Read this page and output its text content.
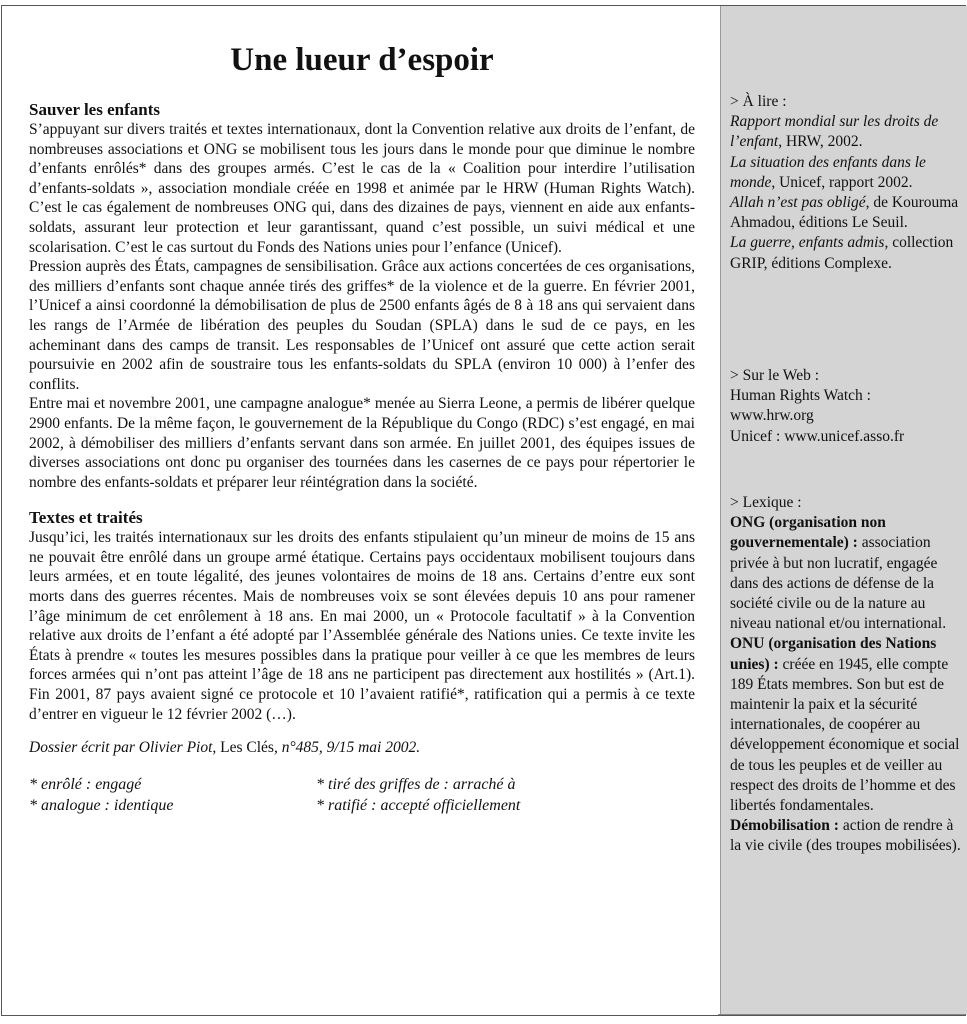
Une lueur d’espoir
Sauver les enfants

S’appuyant sur divers traités et textes internationaux, dont la Convention relative aux droits de l’enfant, de nombreuses associations et ONG se mobilisent tous les jours dans le monde pour que diminue le nombre d’enfants enrôlés* dans des groupes armés. C’est le cas de la « Coalition pour interdire l’utilisation d’enfants-soldats », association mondiale créée en 1998 et animée par le HRW (Human Rights Watch). C’est le cas également de nombreuses ONG qui, dans des dizaines de pays, viennent en aide aux enfants-soldats, assurant leur protection et leur garantissant, quand c’est possible, un suivi médical et une scolarisation. C’est le cas surtout du Fonds des Nations unies pour l’enfance (Unicef).

Pression auprès des États, campagnes de sensibilisation. Grâce aux actions concertées de ces organisations, des milliers d’enfants sont chaque année tirés des griffes* de la violence et de la guerre. En février 2001, l’Unicef a ainsi coordonné la démobilisation de plus de 2500 enfants âgés de 8 à 18 ans qui servaient dans les rangs de l’Armée de libération des peuples du Soudan (SPLA) dans le sud de ce pays, en les acheminant dans des camps de transit. Les responsables de l’Unicef ont assuré que cette action serait poursuivie en 2002 afin de soustraire tous les enfants-soldats du SPLA (environ 10 000) à l’enfer des conflits.

Entre mai et novembre 2001, une campagne analogue* menée au Sierra Leone, a permis de libérer quelque 2900 enfants. De la même façon, le gouvernement de la République du Congo (RDC) s’est engagé, en mai 2002, à démobiliser des milliers d’enfants servant dans son armée. En juillet 2001, des équipes issues de diverses associations ont donc pu organiser des tournées dans les casernes de ce pays pour répertorier le nombre des enfants-soldats et préparer leur réintégration dans la société.

Textes et traités

Jusqu’ici, les traités internationaux sur les droits des enfants stipulaient qu’un mineur de moins de 15 ans ne pouvait être enrôlé dans un groupe armé étatique. Certains pays occidentaux mobilisent toujours dans leurs armées, et en toute légalité, des jeunes volontaires de moins de 18 ans. Certains d’entre eux sont morts dans des guerres récentes. Mais de nombreuses voix se sont élevées depuis 10 ans pour ramener l’âge minimum de cet enrôlement à 18 ans. En mai 2000, un « Protocole facultatif » à la Convention relative aux droits de l’enfant a été adopté par l’Assemblée générale des Nations unies. Ce texte invite les États à prendre « toutes les mesures possibles dans la pratique pour veiller à ce que les membres de leurs forces armées qui n’ont pas atteint l’âge de 18 ans ne participent pas directement aux hostilités » (Art.1). Fin 2001, 87 pays avaient signé ce protocole et 10 l’avaient ratifié*, ratification qui a permis à ce texte d’entrer en vigueur le 12 février 2002 (…).

Dossier écrit par Olivier Piot, Les Clés, n°485, 9/15 mai 2002.
* enrôlé : engagé	* tiré des griffes de : arraché à
* analogue : identique	* ratifié : accepté officiellement

> À lire :

Rapport mondial sur les droits de l’enfant, HRW, 2002.

La situation des enfants dans le monde, Unicef, rapport 2002.

Allah n’est pas obligé, de Kourouma Ahmadou, éditions Le Seuil.

La guerre, enfants admis, collection GRIP, éditions Complexe.

> Sur le Web :

Human Rights Watch :

www.hrw.org

Unicef : www.unicef.asso.fr

> Lexique :

ONG (organisation non gouvernementale) : association privée à but non lucratif, engagée dans des actions de défense de la société civile ou de la nature au niveau national et/ou international.

ONU (organisation des Nations unies) : créée en 1945, elle compte 189 États membres. Son but est de maintenir la paix et la sécurité internationales, de coopérer au développement économique et social de tous les peuples et de veiller au respect des droits de l’homme et des libertés fondamentales.

Démobilisation : action de rendre à la vie civile (des troupes mobilisées).
